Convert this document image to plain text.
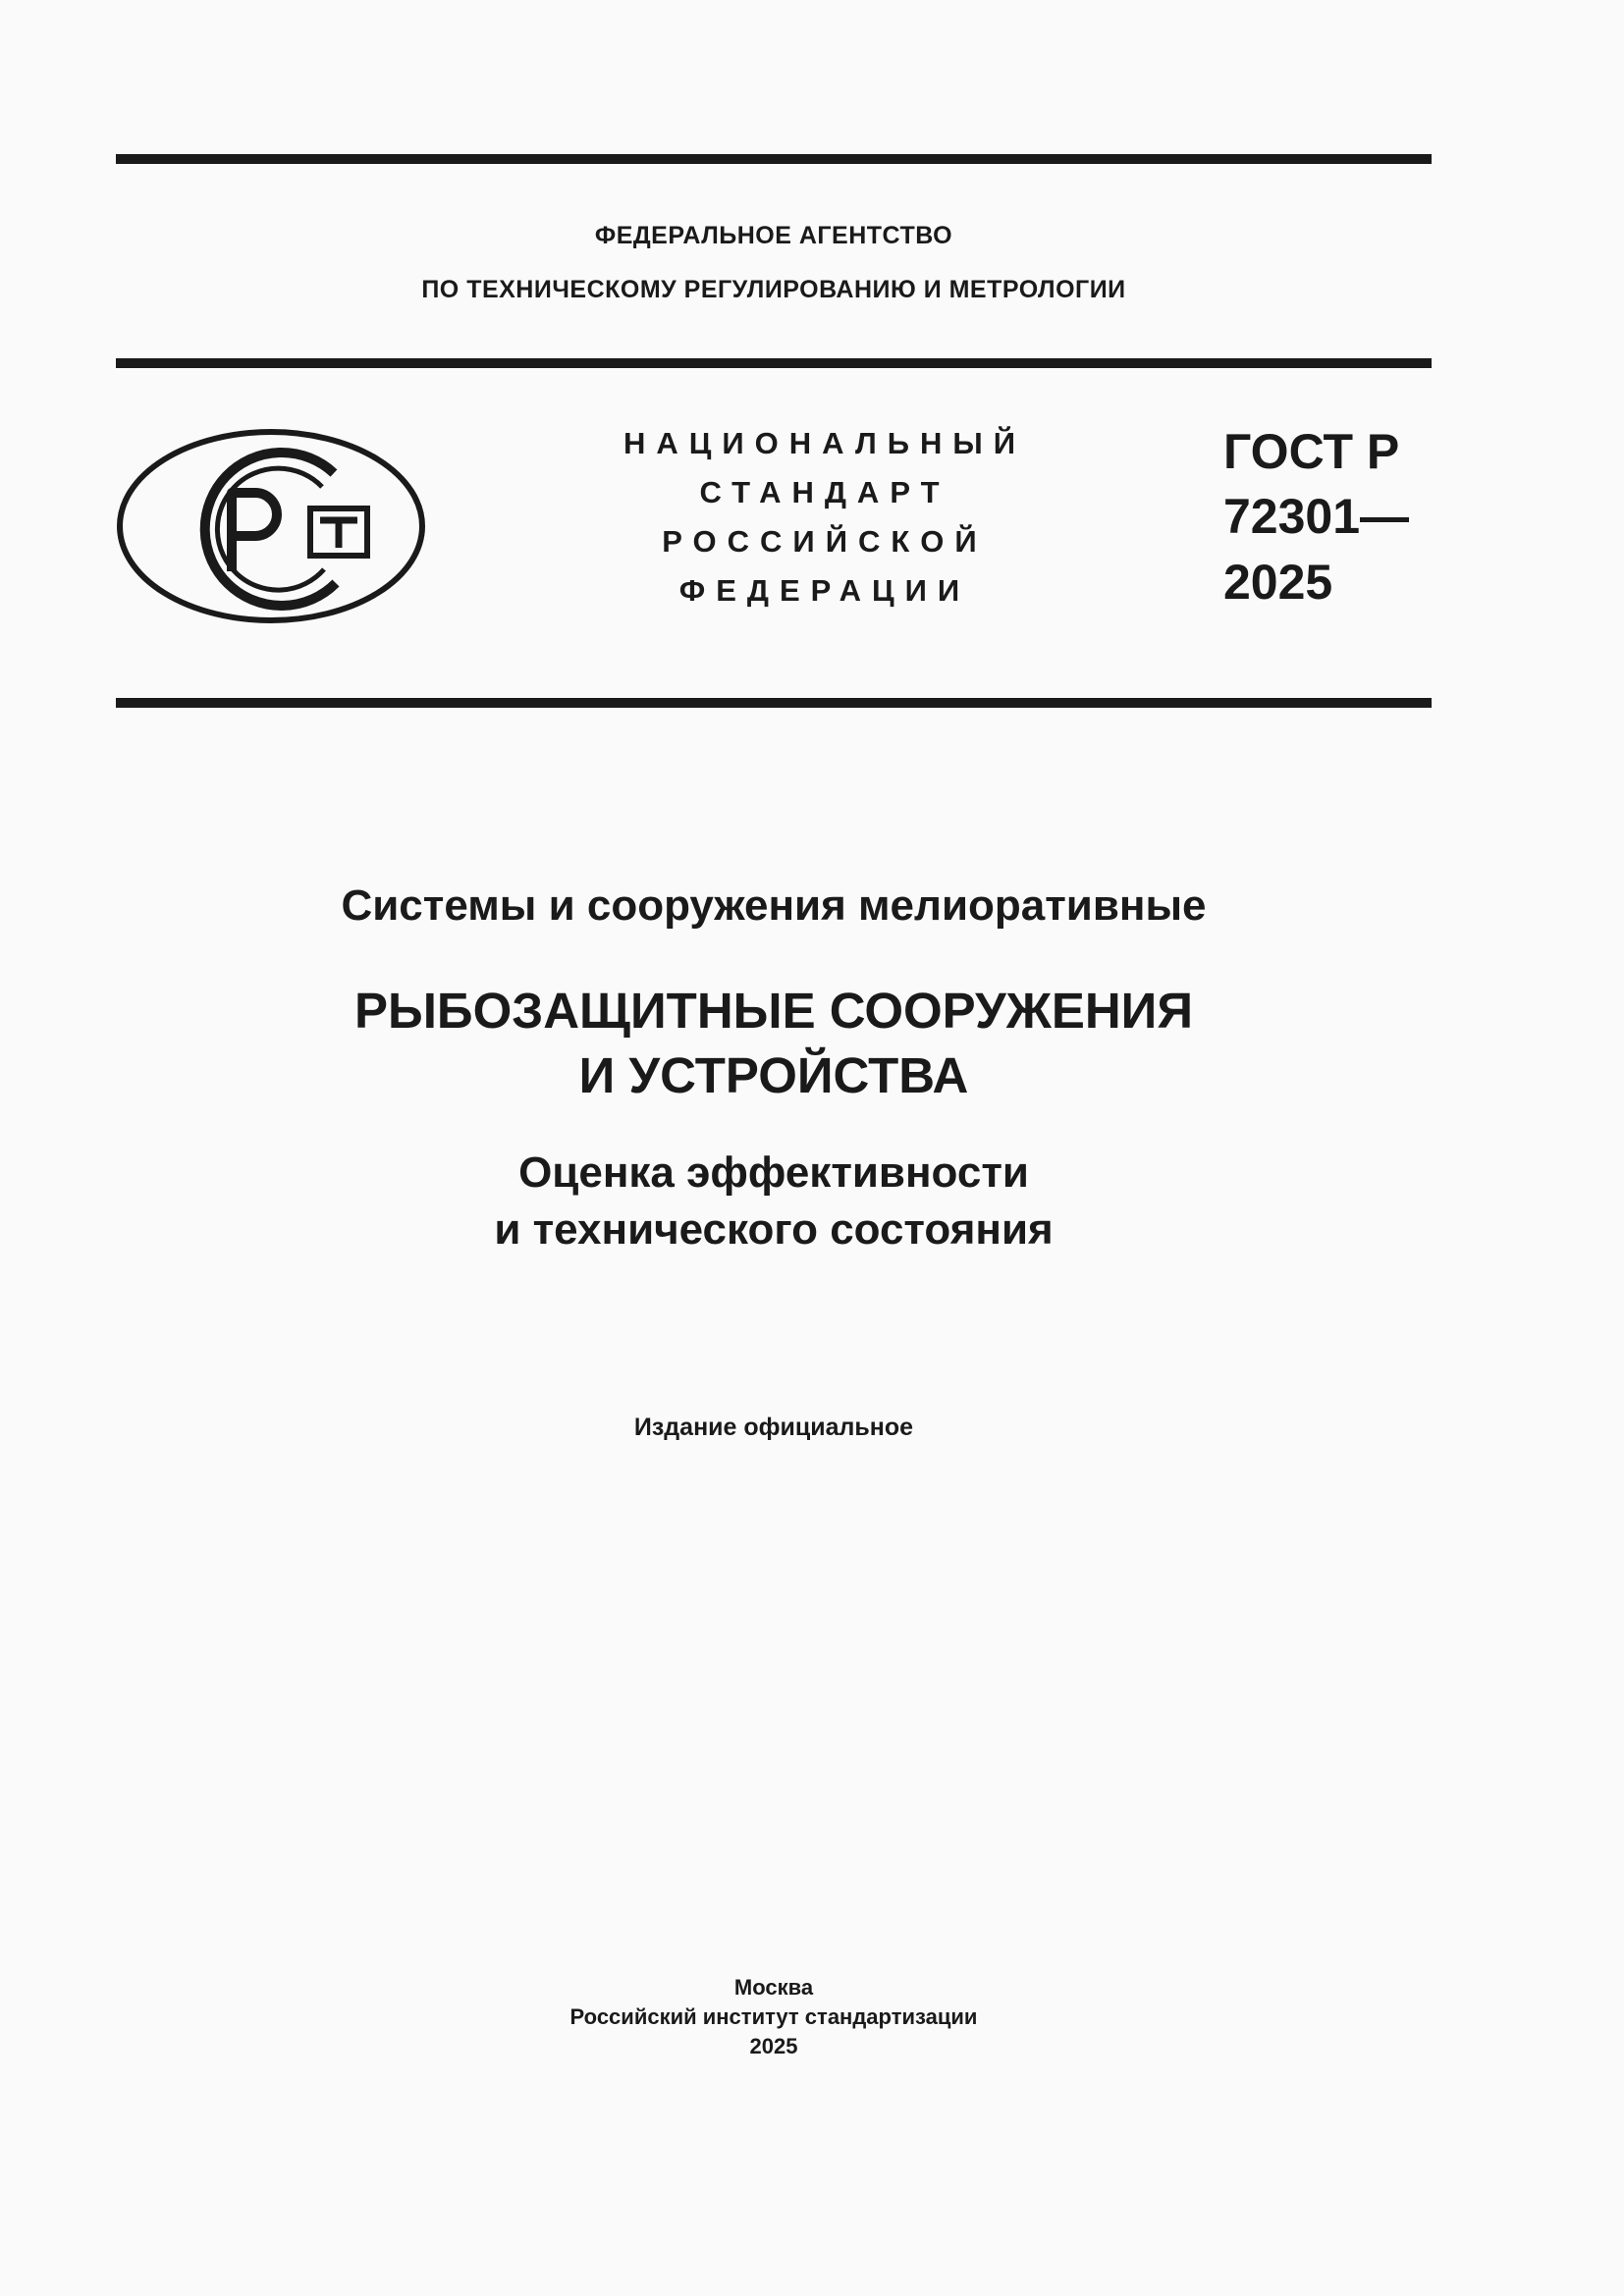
ФЕДЕРАЛЬНОЕ АГЕНТСТВО
ПО ТЕХНИЧЕСКОМУ РЕГУЛИРОВАНИЮ И МЕТРОЛОГИИ
НАЦИОНАЛЬНЫЙ
СТАНДАРТ
РОССИЙСКОЙ
ФЕДЕРАЦИИ
ГОСТ Р
72301—
2025
Системы и сооружения мелиоративные
РЫБОЗАЩИТНЫЕ СООРУЖЕНИЯ
И УСТРОЙСТВА
Оценка эффективности
и технического состояния
Издание официальное
Москва
Российский институт стандартизации
2025
